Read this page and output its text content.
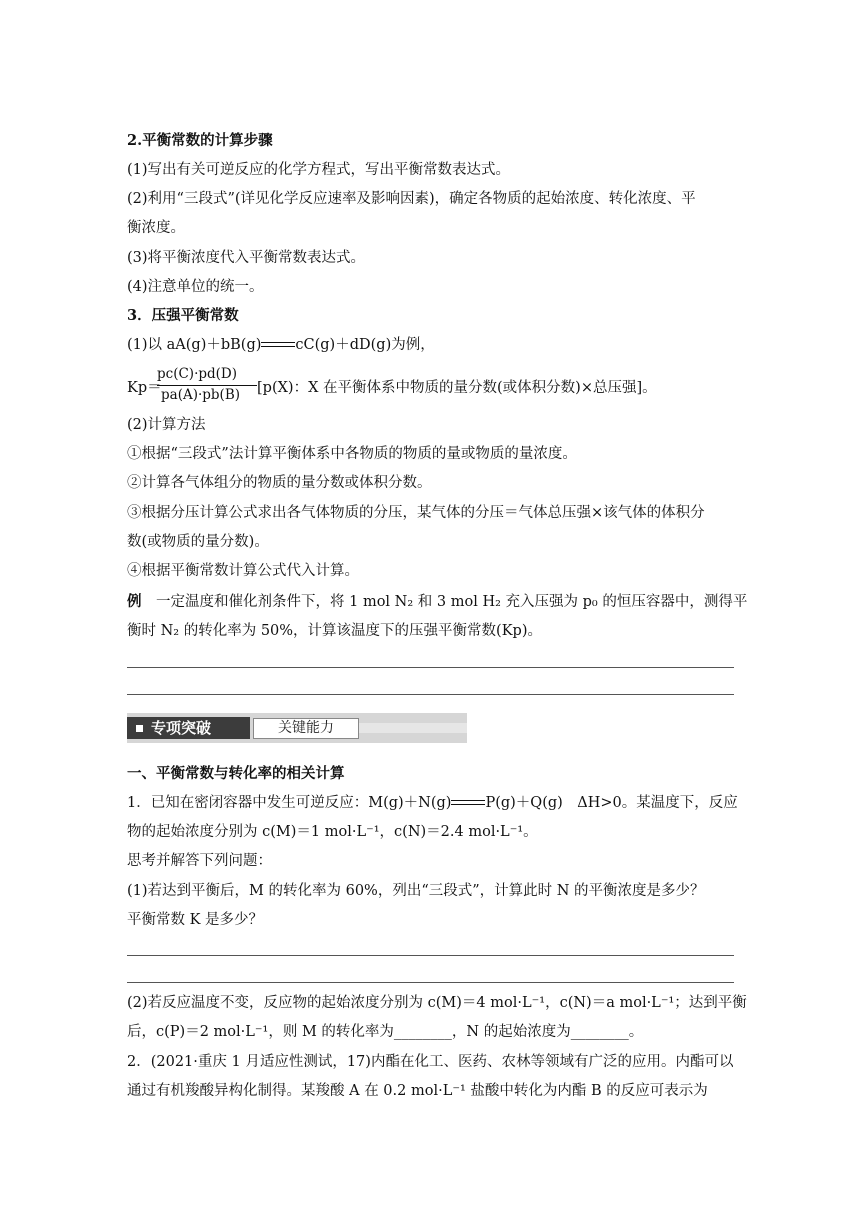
2.平衡常数的计算步骤
(1)写出有关可逆反应的化学方程式，写出平衡常数表达式。
(2)利用“三段式”(详见化学反应速率及影响因素)，确定各物质的起始浓度、转化浓度、平
衡浓度。
(3)将平衡浓度代入平衡常数表达式。
(4)注意单位的统一。
3．压强平衡常数
(1)以 aA(g)＋bB(g) cC(g)＋dD(g)为例，
Kp＝
pc(C)·pd(D)
pa(A)·pb(B) [p(X)：X 在平衡体系中物质的量分数(或体积分数)×总压强]。
(2)计算方法
①根据“三段式”法计算平衡体系中各物质的物质的量或物质的量浓度。
②计算各气体组分的物质的量分数或体积分数。
③根据分压计算公式求出各气体物质的分压，某气体的分压＝气体总压强×该气体的体积分
数(或物质的量分数)。
④根据平衡常数计算公式代入计算。
例　 一定温度和催化剂条件下，将 1 mol N₂ 和 3 mol H₂ 充入压强为 p₀ 的恒压容器中，测得平
衡时 N₂ 的转化率为 50%，计算该温度下的压强平衡常数(Kp)。
专项突破	关键能力
一、平衡常数与转化率的相关计算
1．已知在密闭容器中发生可逆反应：M(g)＋N(g) P(g)＋Q(g)　ΔH>0。某温度下，反应
物的起始浓度分别为 c(M)＝1 mol·L⁻¹，c(N)＝2.4 mol·L⁻¹。
思考并解答下列问题：
(1)若达到平衡后，M 的转化率为 60%，列出“三段式”，计算此时 N 的平衡浓度是多少？
平衡常数 K 是多少？
(2)若反应温度不变，反应物的起始浓度分别为 c(M)＝4 mol·L⁻¹，c(N)＝a mol·L⁻¹；达到平衡
后，c(P)＝2 mol·L⁻¹，则 M 的转化率为________，N 的起始浓度为________。
2．(2021·重庆 1 月适应性测试，17)内酯在化工、医药、农林等领域有广泛的应用。内酯可以
通过有机羧酸异构化制得。某羧酸 A 在 0.2 mol·L⁻¹ 盐酸中转化为内酯 B 的反应可表示为
